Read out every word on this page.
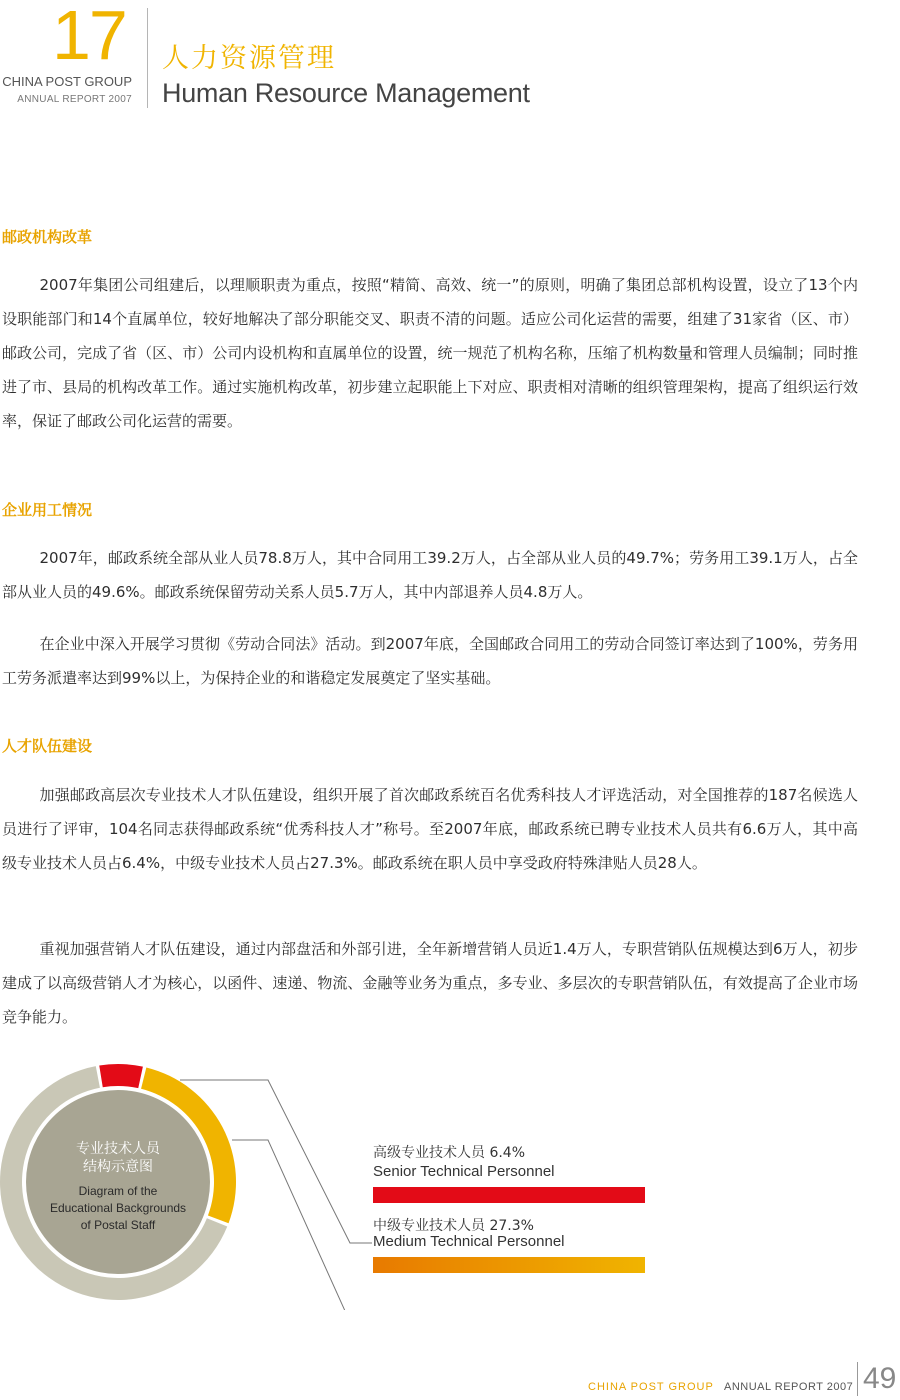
17
CHINA POST GROUP
ANNUAL REPORT 2007
人力资源管理
Human Resource Management
邮政机构改革

2007年集团公司组建后，以理顺职责为重点，按照“精简、高效、统一”的原则，明确了集团总部机构设置，设立了13个内设职能部门和14个直属单位，较好地解决了部分职能交叉、职责不清的问题。适应公司化运营的需要，组建了31家省（区、市）邮政公司，完成了省（区、市）公司内设机构和直属单位的设置，统一规范了机构名称，压缩了机构数量和管理人员编制；同时推进了市、县局的机构改革工作。通过实施机构改革，初步建立起职能上下对应、职责相对清晰的组织管理架构，提高了组织运行效率，保证了邮政公司化运营的需要。

企业用工情况

2007年，邮政系统全部从业人员78.8万人，其中合同用工39.2万人，占全部从业人员的49.7%；劳务用工39.1万人，占全部从业人员的49.6%。邮政系统保留劳动关系人员5.7万人，其中内部退养人员4.8万人。

在企业中深入开展学习贯彻《劳动合同法》活动。到2007年底，全国邮政合同用工的劳动合同签订率达到了100%，劳务用工劳务派遣率达到99%以上，为保持企业的和谐稳定发展奠定了坚实基础。

人才队伍建设

加强邮政高层次专业技术人才队伍建设，组织开展了首次邮政系统百名优秀科技人才评选活动，对全国推荐的187名候选人员进行了评审，104名同志获得邮政系统“优秀科技人才”称号。至2007年底，邮政系统已聘专业技术人员共有6.6万人，其中高级专业技术人员占6.4%，中级专业技术人员占27.3%。邮政系统在职人员中享受政府特殊津贴人员28人。

重视加强营销人才队伍建设，通过内部盘活和外部引进，全年新增营销人员近1.4万人，专职营销队伍规模达到6万人，初步建成了以高级营销人才为核心，以函件、速递、物流、金融等业务为重点，多专业、多层次的专职营销队伍，有效提高了企业市场竞争能力。

专业技术人员
结构示意图
Diagram of the
Educational Backgrounds
of Postal Staff
高级专业技术人员 6.4%
Senior Technical Personnel
中级专业技术人员 27.3%
Medium Technical Personnel
ANNUAL REPORT 2007
CHINA POST GROUP	49
